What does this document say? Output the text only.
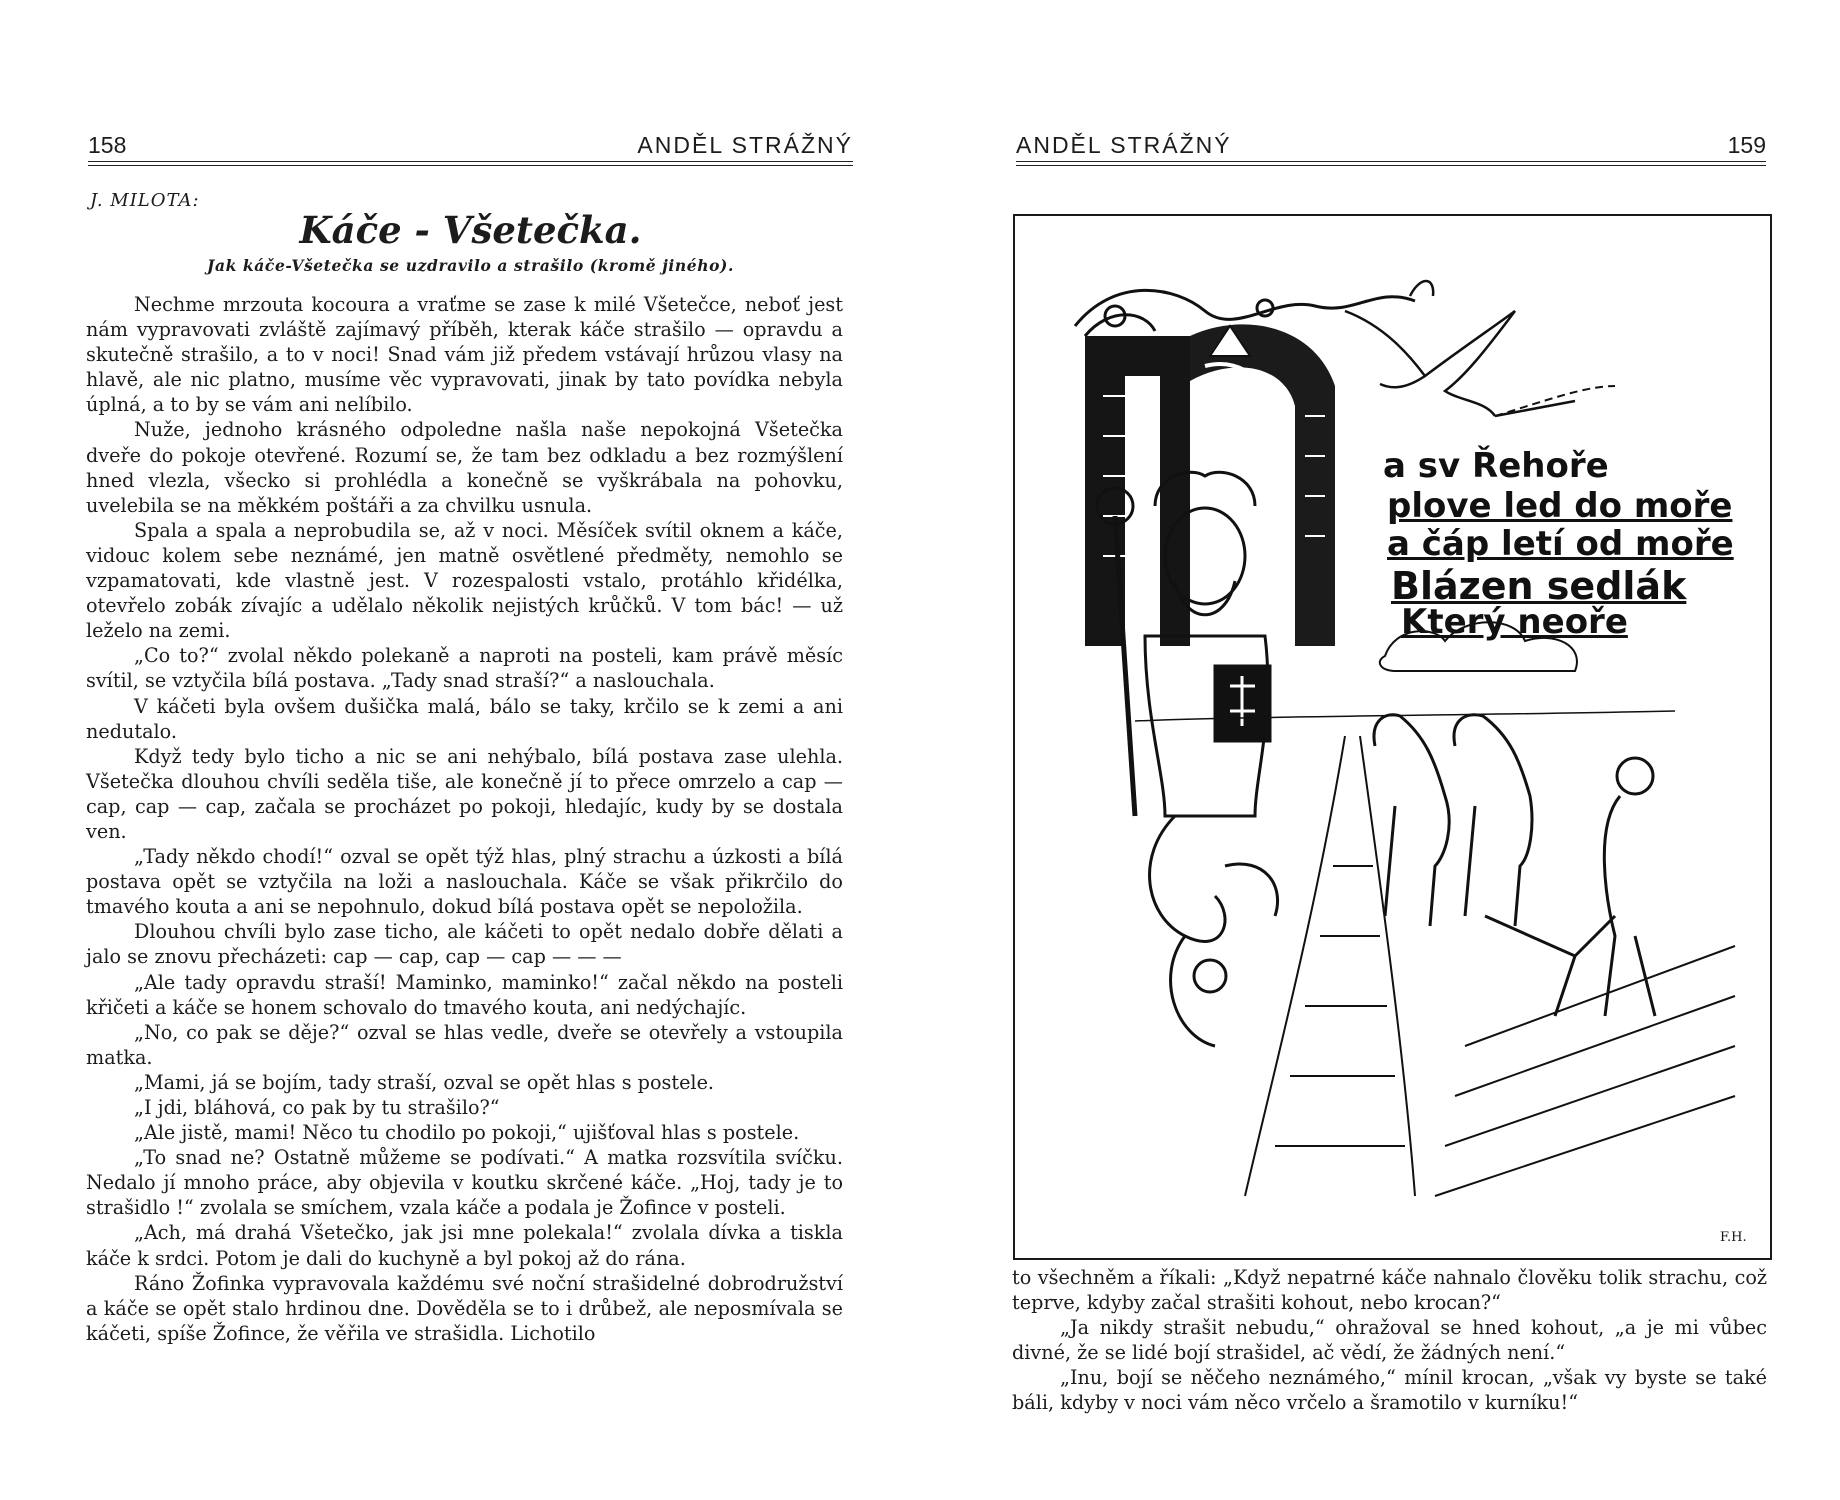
158	ANDĚL STRÁŽNÝ
J. MILOTA:
Káče - Všetečka.
Jak káče-Všetečka se uzdravilo a strašilo (kromě jiného).

Nechme mrzouta kocoura a vraťme se zase k milé Všetečce, neboť jest nám vypravovati zvláště zajímavý příběh, kterak káče strašilo — opravdu a skutečně strašilo, a to v noci! Snad vám již předem vstávají hrůzou vlasy na hlavě, ale nic platno, musíme věc vypravovati, jinak by tato povídka nebyla úplná, a to by se vám ani nelíbilo.

Nuže, jednoho krásného odpoledne našla naše nepokojná Všetečka dveře do pokoje otevřené. Rozumí se, že tam bez odkladu a bez rozmýšlení hned vlezla, všecko si prohlédla a konečně se vyškrábala na pohovku, uvelebila se na měkkém poštáři a za chvilku usnula.

Spala a spala a neprobudila se, až v noci. Měsíček svítil oknem a káče, vidouc kolem sebe neznámé, jen matně osvětlené předměty, nemohlo se vzpamatovati, kde vlastně jest. V rozespalosti vstalo, protáhlo křidélka, otevřelo zobák zívajíc a udělalo několik nejistých krůčků. V tom bác! — už leželo na zemi.

„Co to?“ zvolal někdo polekaně a naproti na posteli, kam právě měsíc svítil, se vztyčila bílá postava. „Tady snad straší?“ a naslouchala.

V káčeti byla ovšem dušička malá, bálo se taky, krčilo se k zemi a ani nedutalo.

Když tedy bylo ticho a nic se ani nehýbalo, bílá postava zase ulehla. Všetečka dlouhou chvíli seděla tiše, ale konečně jí to přece omrzelo a cap — cap, cap — cap, začala se procházet po pokoji, hledajíc, kudy by se dostala ven.

„Tady někdo chodí!“ ozval se opět týž hlas, plný strachu a úzkosti a bílá postava opět se vztyčila na loži a naslouchala. Káče se však přikrčilo do tmavého kouta a ani se nepohnulo, dokud bílá postava opět se nepoložila.

Dlouhou chvíli bylo zase ticho, ale káčeti to opět nedalo dobře dělati a jalo se znovu přecházeti: cap — cap, cap — cap — — —

„Ale tady opravdu straší! Maminko, maminko!“ začal někdo na posteli křičeti a káče se honem schovalo do tmavého kouta, ani nedýchajíc.

„No, co pak se děje?“ ozval se hlas vedle, dveře se otevřely a vstoupila matka.

„Mami, já se bojím, tady straší, ozval se opět hlas s postele.

„I jdi, bláhová, co pak by tu strašilo?“

„Ale jistě, mami! Něco tu chodilo po pokoji,“ ujišťoval hlas s postele.

„To snad ne? Ostatně můžeme se podívati.“ A matka rozsvítila svíčku. Nedalo jí mnoho práce, aby objevila v koutku skrčené káče. „Hoj, tady je to strašidlo !“ zvolala se smíchem, vzala káče a podala je Žofince v posteli.

„Ach, má drahá Všetečko, jak jsi mne polekala!“ zvolala dívka a tiskla káče k srdci. Potom je dali do kuchyně a byl pokoj až do rána.

Ráno Žofinka vypravovala každému své noční strašidelné dobrodružství a káče se opět stalo hrdinou dne. Dověděla se to i drůbež, ale neposmívala se káčeti, spíše Žofince, že věřila ve strašidla. Lichotilo

ANDĚL STRÁŽNÝ	159
F.H.
a sv Řehoře
plove led do moře
a čáp letí od moře
Blázen sedlák
Který neoře

to všechněm a říkali: „Když nepatrné káče nahnalo člověku tolik strachu, což teprve, kdyby začal strašiti kohout, nebo krocan?“

„Ja nikdy strašit nebudu,“ ohražoval se hned kohout, „a je mi vůbec divné, že se lidé bojí strašidel, ač vědí, že žádných není.“

„Inu, bojí se něčeho neznámého,“ mínil krocan, „však vy byste se také báli, kdyby v noci vám něco vrčelo a šramotilo v kurníku!“
